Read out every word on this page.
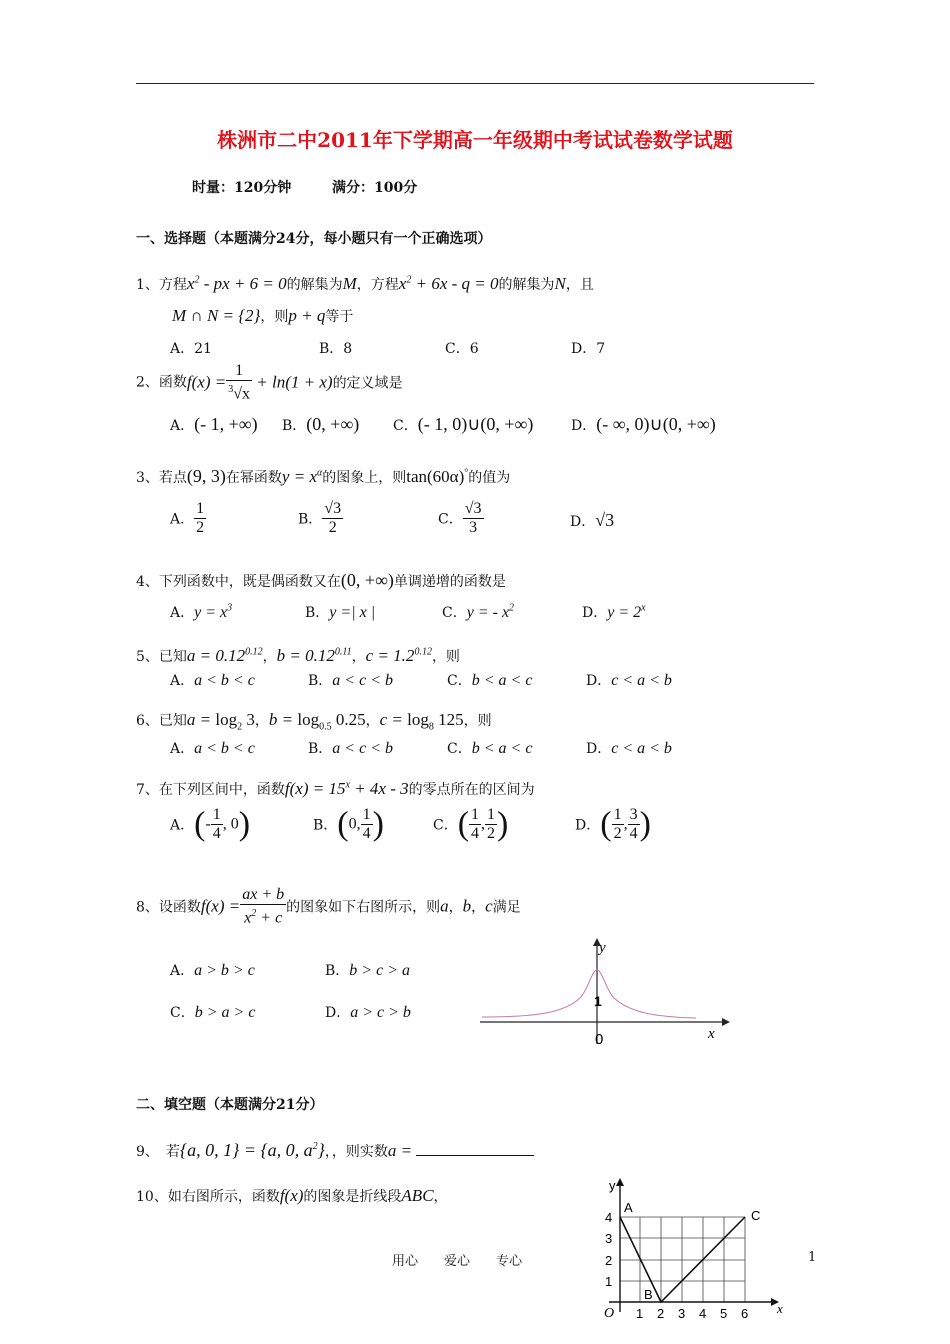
株洲市二中2011年下学期高一年级期中考试试卷数学试题
时量：120分钟	满分：100分
一、选择题（本题满分24分，每小题只有一个正确选项）
1、方程$x^2$ - px + 6 = 0的解集为M，方程$x^2 + 6x - q = 0$的解集为N，且
M ∩ N = {2}，则p + q等于
A．21	B．8	C．6	D．7
2、函数$f(x) = \frac{1}{^3√x} + \ln(1 + x)$的定义域是
A．(- 1, +∞) B．(0, +∞) C．(- 1, 0)∪(0, +∞)	D．(- ∞, 0)∪(0, +∞)
3、若点(9, 3)在幂函数$y = x^\alpha$的图象上，则tan(60α)°的值为
A． $\frac{1}{2}$	B． $\frac{√3}{2}$	C． $\frac{√3}{3}$	D．√3
4、下列函数中，既是偶函数又在(0, +∞)单调递增的函数是
A．$y = x^3$	B．y =| x |	C．y = - $x^2$	D．$y = 2^x$
5、已知$a = 0.12^{0.12}$，$b = 0.12^{0.11}$，$c = 1.2^{0.12}$，则
A．a < b < c	B．a < c < b	C．b < a < c	D．c < a < b
6、已知$a = \log_2 3$，$b = \log_{0.5} 0.25$，$c = \log_8 125$，则
A．a < b < c	B．a < c < b	C．b < a < c	D．c < a < b
7、在下列区间中，函数$f(x) = 15^x + 4x - 3$的零点所在的区间为
A．(- $\frac{1}{4}$ , 0)	B．(0, $\frac{1}{4}$ )	C．( $\frac{1}{4}$ , $\frac{1}{2}$ )	D．( $\frac{1}{2}$ , $\frac{3}{4}$ )
8、设函数$f(x) = \frac{ax + b}{x^2 + c}$ 的图象如下右图所示，则a，b，c满足
A．a > b > c	B．b > c > a
C．b > a > c	D．a > c > b
y
x
0
1
二、填空题（本题满分21分）
9、　 若{a, 0, 1} = {a, 0, $a^2$}，，则实数a =
10、如右图所示，函数f(x)的图象是折线段ABC，
y
x
O
A
B
C
1 2 3 4 5 6
1
2
3
4
用心　　爱心　　专心	1
